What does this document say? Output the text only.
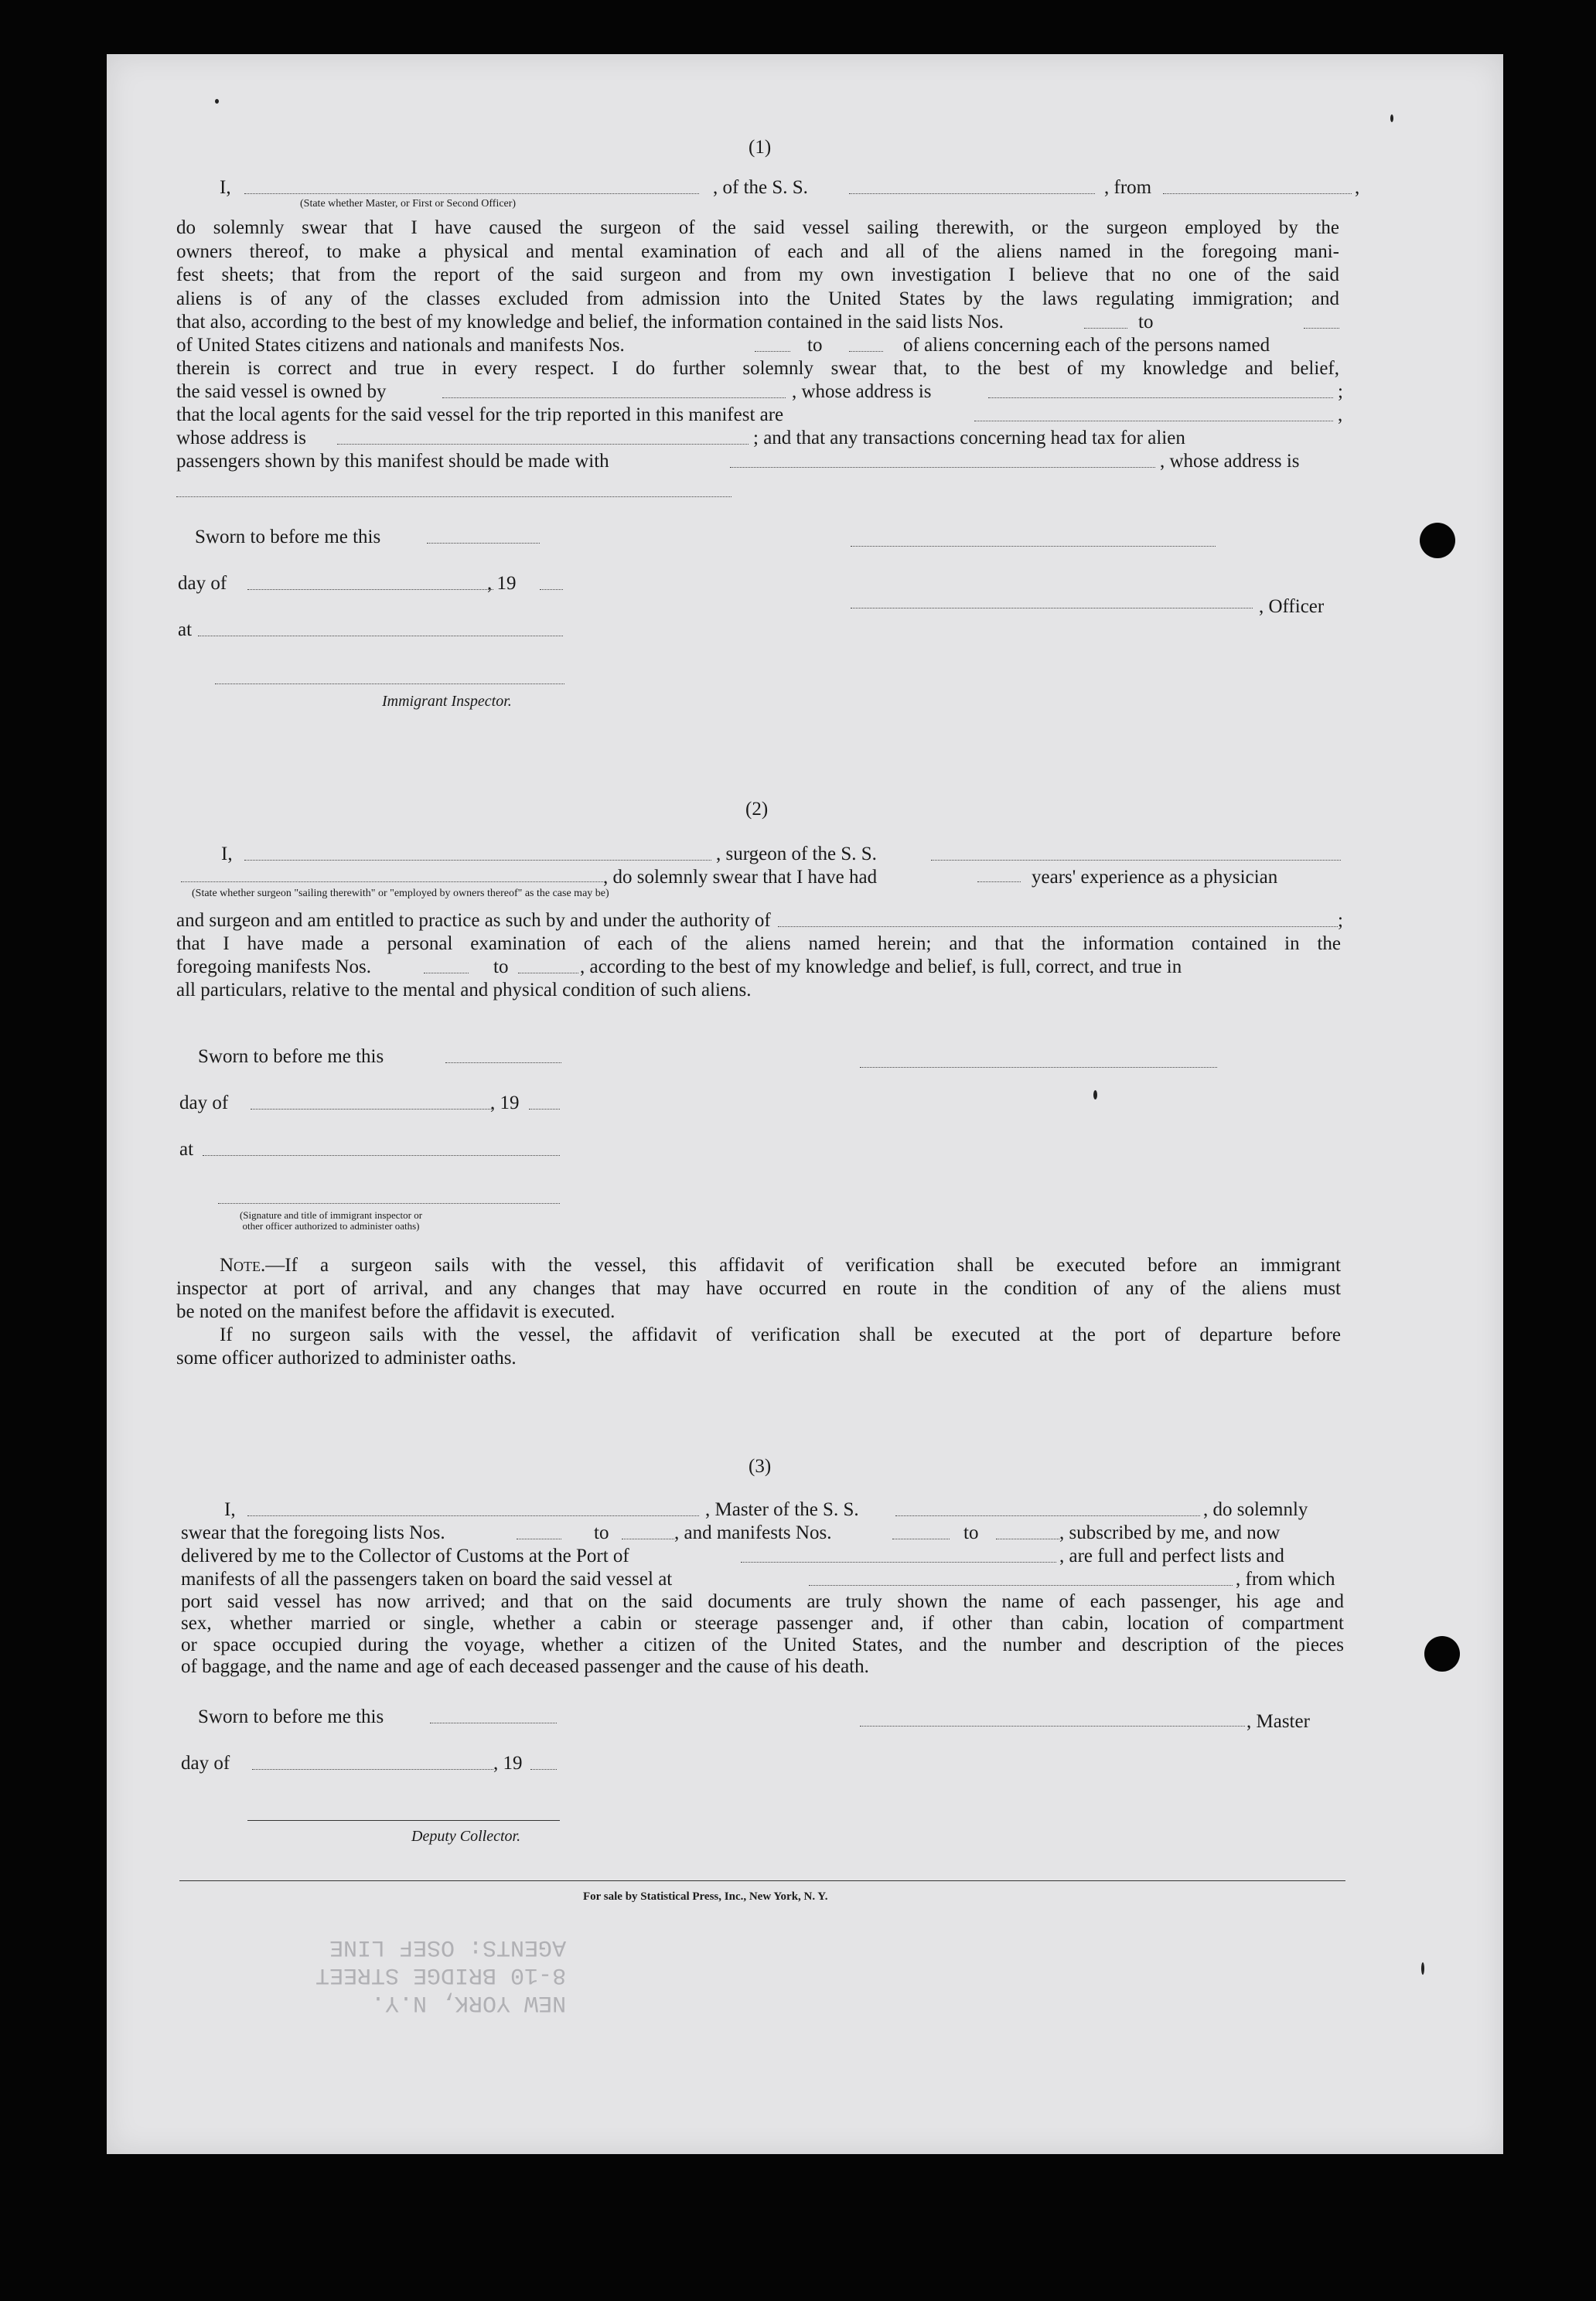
(1)
I,
(State whether Master, or First or Second Officer)
, of the S. S.	, from	,
do solemnly swear that I have caused the surgeon of the said vessel sailing therewith, or the surgeon employed by the
owners thereof, to make a physical and mental examination of each and all of the aliens named in the foregoing mani-
fest sheets; that from the report of the said surgeon and from my own investigation I believe that no one of the said
aliens is of any of the classes excluded from admission into the United States by the laws regulating immigration; and
that also, according to the best of my knowledge and belief, the information contained in the said lists Nos.	to
of United States citizens and nationals and manifests Nos.	to	of aliens concerning each of the persons named
therein is correct and true in every respect. I do further solemnly swear that, to the best of my knowledge and belief,
the said vessel is owned by	, whose address is	;
that the local agents for the said vessel for the trip reported in this manifest are	,
whose address is	; and that any transactions concerning head tax for alien
passengers shown by this manifest should be made with	, whose address is
Sworn to before me this
day of	, 19
, Officer
at
Immigrant Inspector.
(2)
I,	, surgeon of the S. S.
, do solemnly swear that I have had	years' experience as a physician
(State whether surgeon "sailing therewith" or "employed by owners thereof" as the case may be)
and surgeon and am entitled to practice as such by and under the authority of	;
that I have made a personal examination of each of the aliens named herein; and that the information contained in the
foregoing manifests Nos.	to	, according to the best of my knowledge and belief, is full, correct, and true in
all particulars, relative to the mental and physical condition of such aliens.
Sworn to before me this
day of	, 19
at
(Signature and title of immigrant inspector or
other officer authorized to administer oaths)
Note.—If a surgeon sails with the vessel, this affidavit of verification shall be executed before an immigrant
inspector at port of arrival, and any changes that may have occurred en route in the condition of any of the aliens must
be noted on the manifest before the affidavit is executed.
If no surgeon sails with the vessel, the affidavit of verification shall be executed at the port of departure before
some officer authorized to administer oaths.
(3)
I,	, Master of the S. S.	, do solemnly
swear that the foregoing lists Nos.	to	, and manifests Nos.	to	, subscribed by me, and now
delivered by me to the Collector of Customs at the Port of	, are full and perfect lists and
manifests of all the passengers taken on board the said vessel at	, from which
port said vessel has now arrived; and that on the said documents are truly shown the name of each passenger, his age and
sex, whether married or single, whether a cabin or steerage passenger and, if other than cabin, location of compartment
or space occupied during the voyage, whether a citizen of the United States, and the number and description of the pieces
of baggage, and the name and age of each deceased passenger and the cause of his death.
Sworn to before me this	, Master
day of	, 19
Deputy Collector.
For sale by Statistical Press, Inc., New York, N. Y.
NEW YORK, N.Y.
8-10 BRIDGE STREET
AGENTS: OSEF LINE
